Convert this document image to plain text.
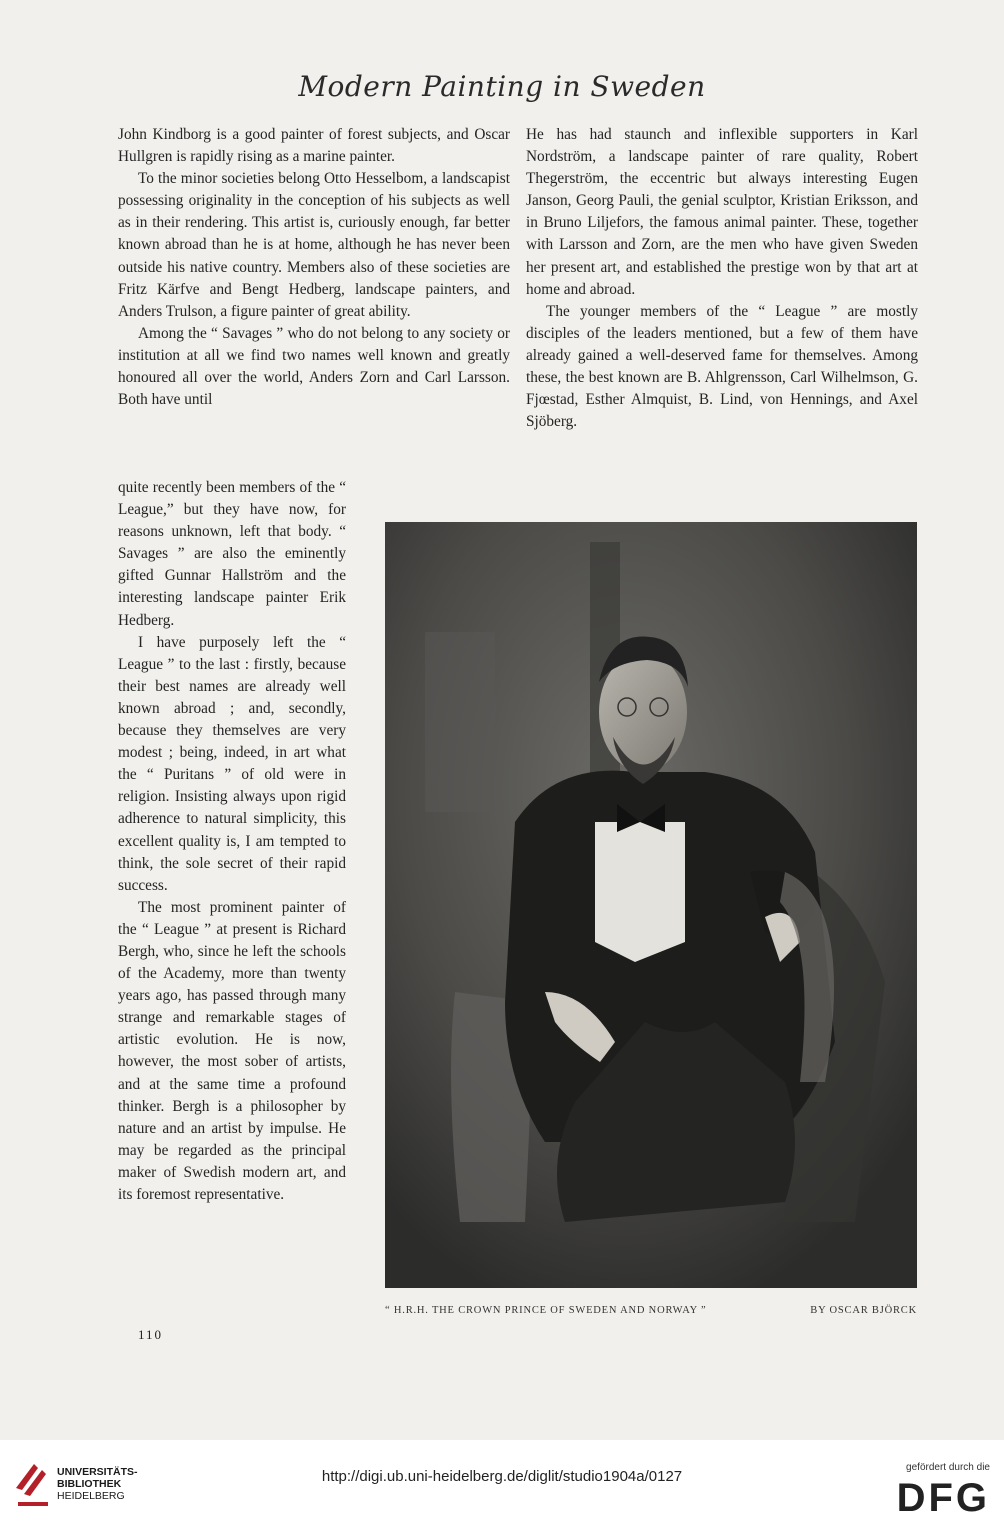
Modern Painting in Sweden

John Kindborg is a good painter of forest subjects, and Oscar Hullgren is rapidly rising as a marine painter.

To the minor societies belong Otto Hesselbom, a landscapist possessing originality in the conception of his subjects as well as in their rendering. This artist is, curiously enough, far better known abroad than he is at home, although he has never been outside his native country. Members also of these societies are Fritz Kärfve and Bengt Hedberg, landscape painters, and Anders Trulson, a figure painter of great ability.

Among the “ Savages ” who do not belong to any society or institution at all we find two names well known and greatly honoured all over the world, Anders Zorn and Carl Larsson. Both have until

He has had staunch and inflexible supporters in Karl Nordström, a landscape painter of rare quality, Robert Thegerström, the eccentric but always interesting Eugen Janson, Georg Pauli, the genial sculptor, Kristian Eriksson, and in Bruno Liljefors, the famous animal painter. These, together with Larsson and Zorn, are the men who have given Sweden her present art, and established the prestige won by that art at home and abroad.

The younger members of the “ League ” are mostly disciples of the leaders mentioned, but a few of them have already gained a well-deserved fame for themselves. Among these, the best known are B. Ahlgrensson, Carl Wilhelmson, G. Fjœstad, Esther Almquist, B. Lind, von Hennings, and Axel Sjöberg.

quite recently been members of the “ League,” but they have now, for reasons unknown, left that body. “ Savages ” are also the eminently gifted Gunnar Hallström and the interesting landscape painter Erik Hedberg.

I have purposely left the “ League ” to the last : firstly, because their best names are already well known abroad ; and, secondly, because they themselves are very modest ; being, indeed, in art what the “ Puritans ” of old were in religion. Insisting always upon rigid adherence to natural simplicity, this excellent quality is, I am tempted to think, the sole secret of their rapid success.

The most prominent painter of the “ League ” at present is Richard Bergh, who, since he left the schools of the Academy, more than twenty years ago, has passed through many strange and remarkable stages of artistic evolution. He is now, however, the most sober of artists, and at the same time a profound thinker. Bergh is a philosopher by nature and an artist by impulse. He may be regarded as the principal maker of Swedish modern art, and its foremost representative.

“ H.R.H. THE CROWN PRINCE OF SWEDEN AND NORWAY ”	BY OSCAR BJÖRCK
110
UNIVERSITÄTS-
BIBLIOTHEK
HEIDELBERG
http://digi.ub.uni-heidelberg.de/diglit/studio1904a/0127
gefördert durch die
DFG
